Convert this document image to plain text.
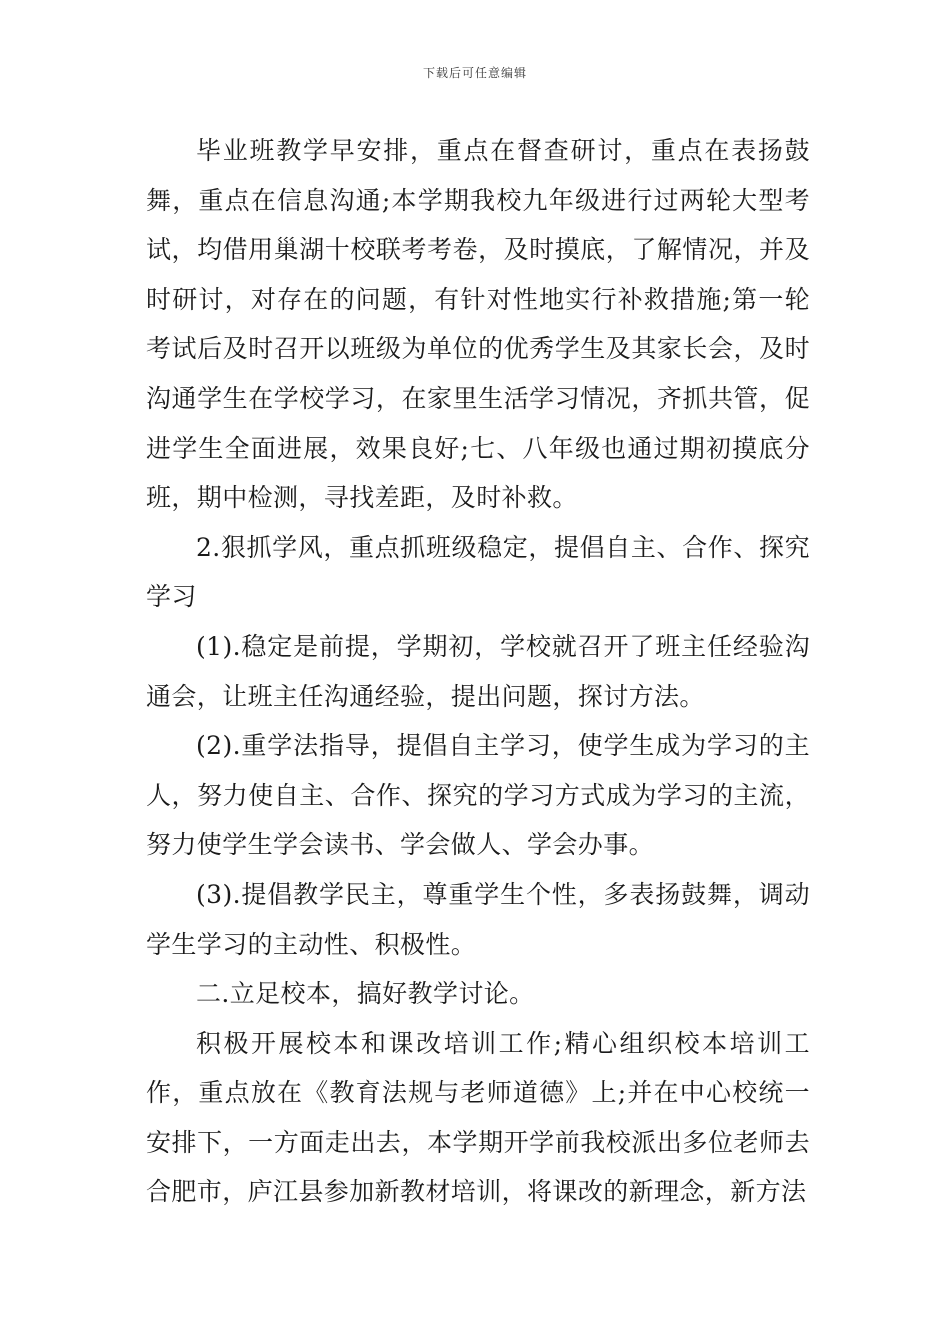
下载后可任意编辑

毕业班教学早安排，重点在督查研讨，重点在表扬鼓舞，重点在信息沟通;本学期我校九年级进行过两轮大型考试，均借用巢湖十校联考考卷，及时摸底，了解情况，并及时研讨，对存在的问题，有针对性地实行补救措施;第一轮考试后及时召开以班级为单位的优秀学生及其家长会，及时沟通学生在学校学习，在家里生活学习情况，齐抓共管，促进学生全面进展，效果良好;七、八年级也通过期初摸底分班，期中检测，寻找差距，及时补救。

2.狠抓学风，重点抓班级稳定，提倡自主、合作、探究学习

(1).稳定是前提，学期初，学校就召开了班主任经验沟通会，让班主任沟通经验，提出问题，探讨方法。

(2).重学法指导，提倡自主学习，使学生成为学习的主人，努力使自主、合作、探究的学习方式成为学习的主流，努力使学生学会读书、学会做人、学会办事。

(3).提倡教学民主，尊重学生个性，多表扬鼓舞，调动学生学习的主动性、积极性。

二.立足校本，搞好教学讨论。

积极开展校本和课改培训工作;精心组织校本培训工作，重点放在《教育法规与老师道德》上;并在中心校统一安排下，一方面走出去，本学期开学前我校派出多位老师去合肥市，庐江县参加新教材培训，将课改的新理念，新方法
